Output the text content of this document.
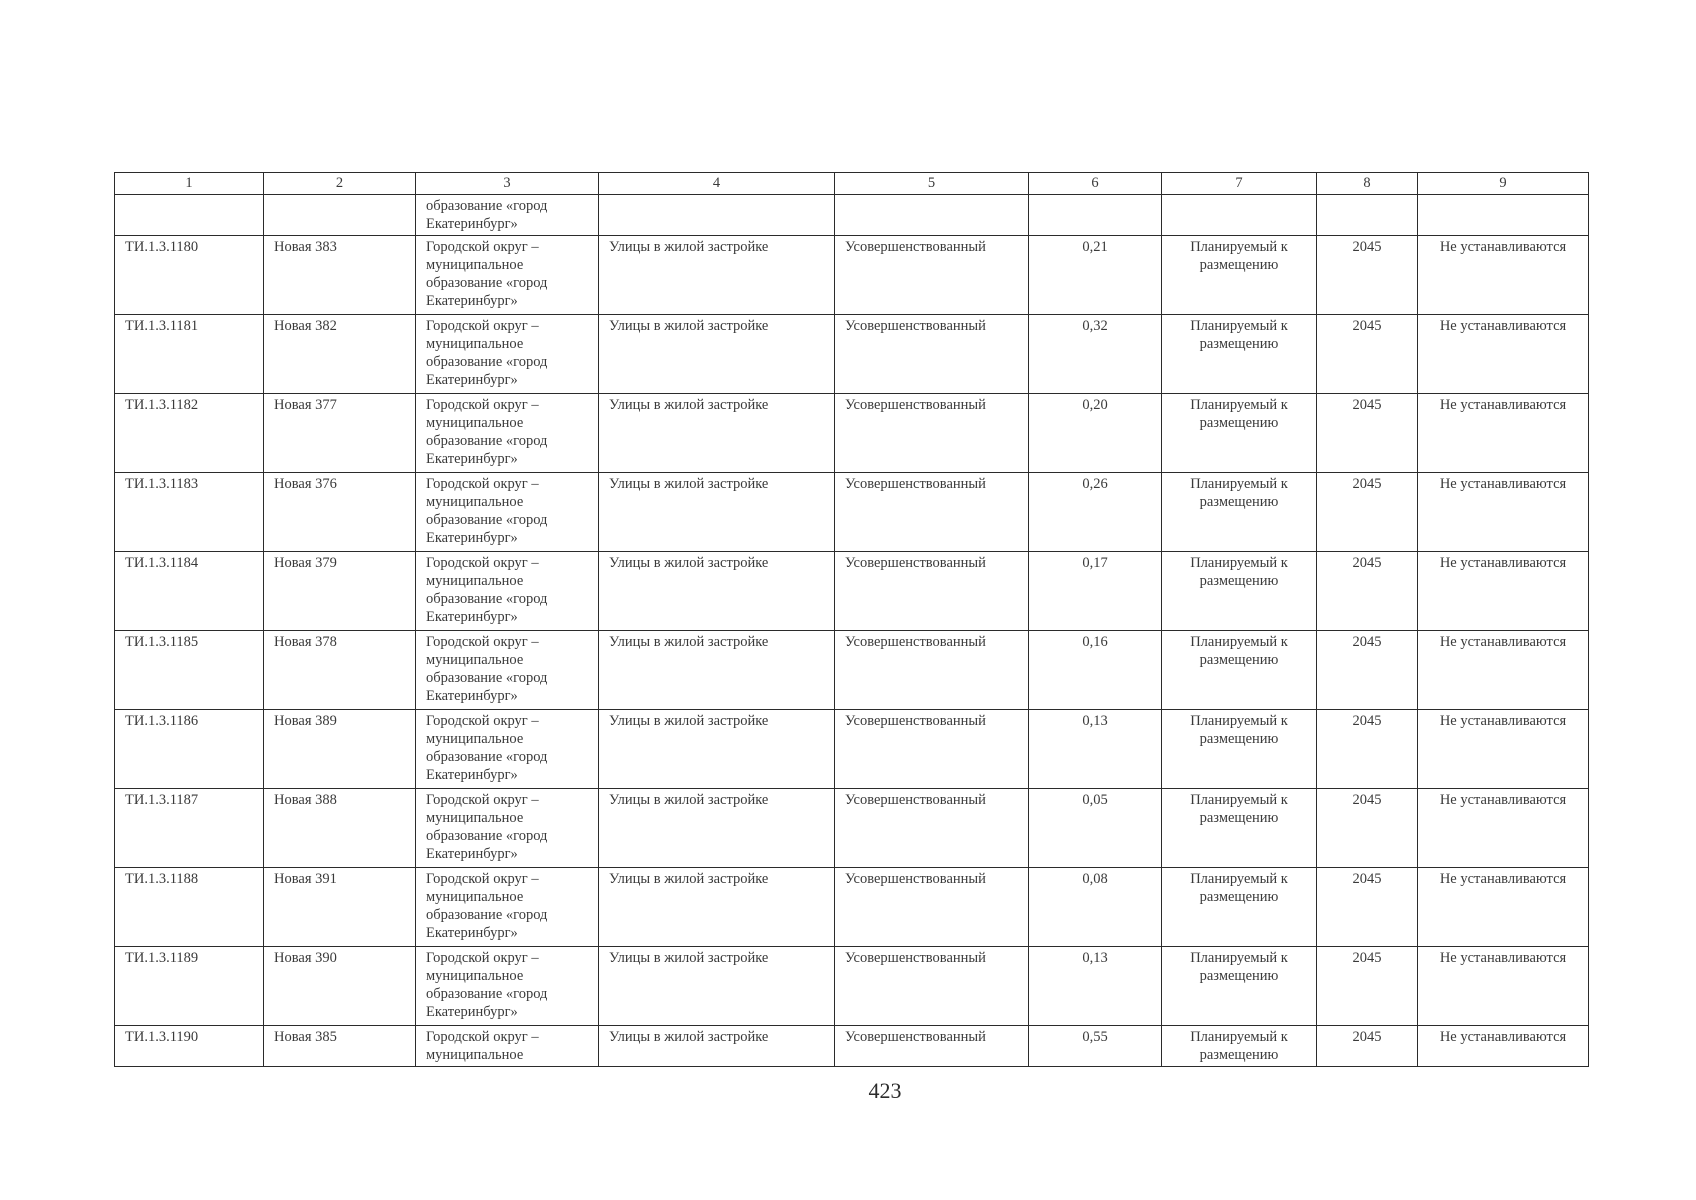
1	2	3	4	5	6	7	8	9
		образование «город Екатеринбург»						
ТИ.1.3.1180	Новая 383	Городской округ – муниципальное образование «город Екатеринбург»	Улицы в жилой застройке	Усовершенствованный	0,21	Планируемый к размещению	2045	Не устанавливаются
ТИ.1.3.1181	Новая 382	Городской округ – муниципальное образование «город Екатеринбург»	Улицы в жилой застройке	Усовершенствованный	0,32	Планируемый к размещению	2045	Не устанавливаются
ТИ.1.3.1182	Новая 377	Городской округ – муниципальное образование «город Екатеринбург»	Улицы в жилой застройке	Усовершенствованный	0,20	Планируемый к размещению	2045	Не устанавливаются
ТИ.1.3.1183	Новая 376	Городской округ – муниципальное образование «город Екатеринбург»	Улицы в жилой застройке	Усовершенствованный	0,26	Планируемый к размещению	2045	Не устанавливаются
ТИ.1.3.1184	Новая 379	Городской округ – муниципальное образование «город Екатеринбург»	Улицы в жилой застройке	Усовершенствованный	0,17	Планируемый к размещению	2045	Не устанавливаются
ТИ.1.3.1185	Новая 378	Городской округ – муниципальное образование «город Екатеринбург»	Улицы в жилой застройке	Усовершенствованный	0,16	Планируемый к размещению	2045	Не устанавливаются
ТИ.1.3.1186	Новая 389	Городской округ – муниципальное образование «город Екатеринбург»	Улицы в жилой застройке	Усовершенствованный	0,13	Планируемый к размещению	2045	Не устанавливаются
ТИ.1.3.1187	Новая 388	Городской округ – муниципальное образование «город Екатеринбург»	Улицы в жилой застройке	Усовершенствованный	0,05	Планируемый к размещению	2045	Не устанавливаются
ТИ.1.3.1188	Новая 391	Городской округ – муниципальное образование «город Екатеринбург»	Улицы в жилой застройке	Усовершенствованный	0,08	Планируемый к размещению	2045	Не устанавливаются
ТИ.1.3.1189	Новая 390	Городской округ – муниципальное образование «город Екатеринбург»	Улицы в жилой застройке	Усовершенствованный	0,13	Планируемый к размещению	2045	Не устанавливаются
ТИ.1.3.1190	Новая 385	Городской округ – муниципальное	Улицы в жилой застройке	Усовершенствованный	0,55	Планируемый к размещению	2045	Не устанавливаются
423
